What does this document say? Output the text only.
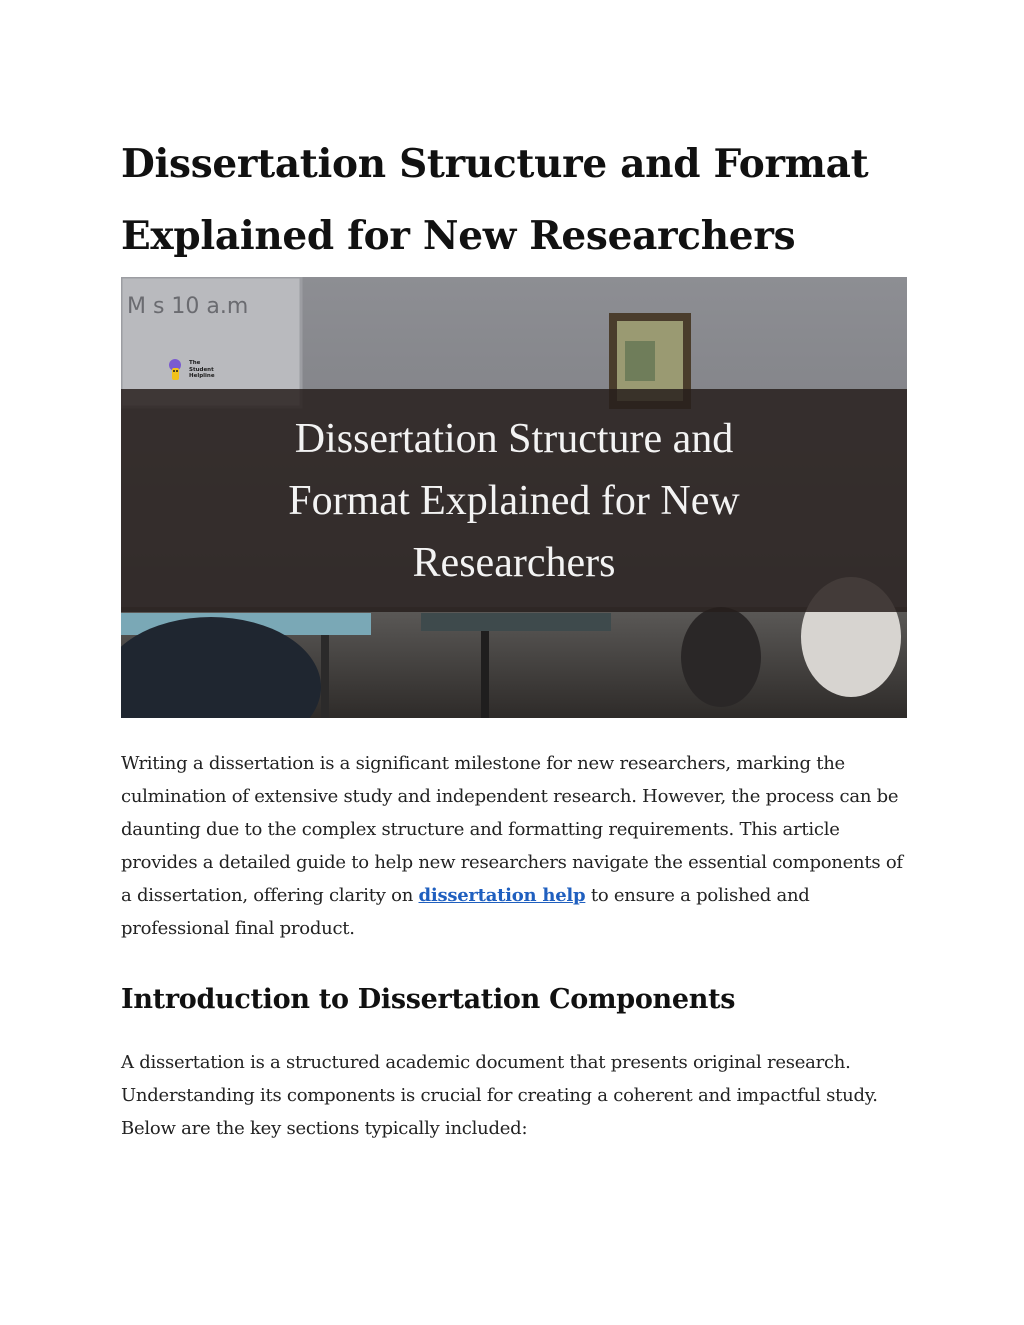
Dissertation Structure and Format Explained for New Researchers
M s 10 a.m
The Student Helpline
Dissertation Structure and Format Explained for New Researchers

Writing a dissertation is a significant milestone for new researchers, marking the culmination of extensive study and independent research. However, the process can be daunting due to the complex structure and formatting requirements. This article provides a detailed guide to help new researchers navigate the essential components of a dissertation, offering clarity on dissertation help to ensure a polished and professional final product.

Introduction to Dissertation Components

A dissertation is a structured academic document that presents original research. Understanding its components is crucial for creating a coherent and impactful study. Below are the key sections typically included:
